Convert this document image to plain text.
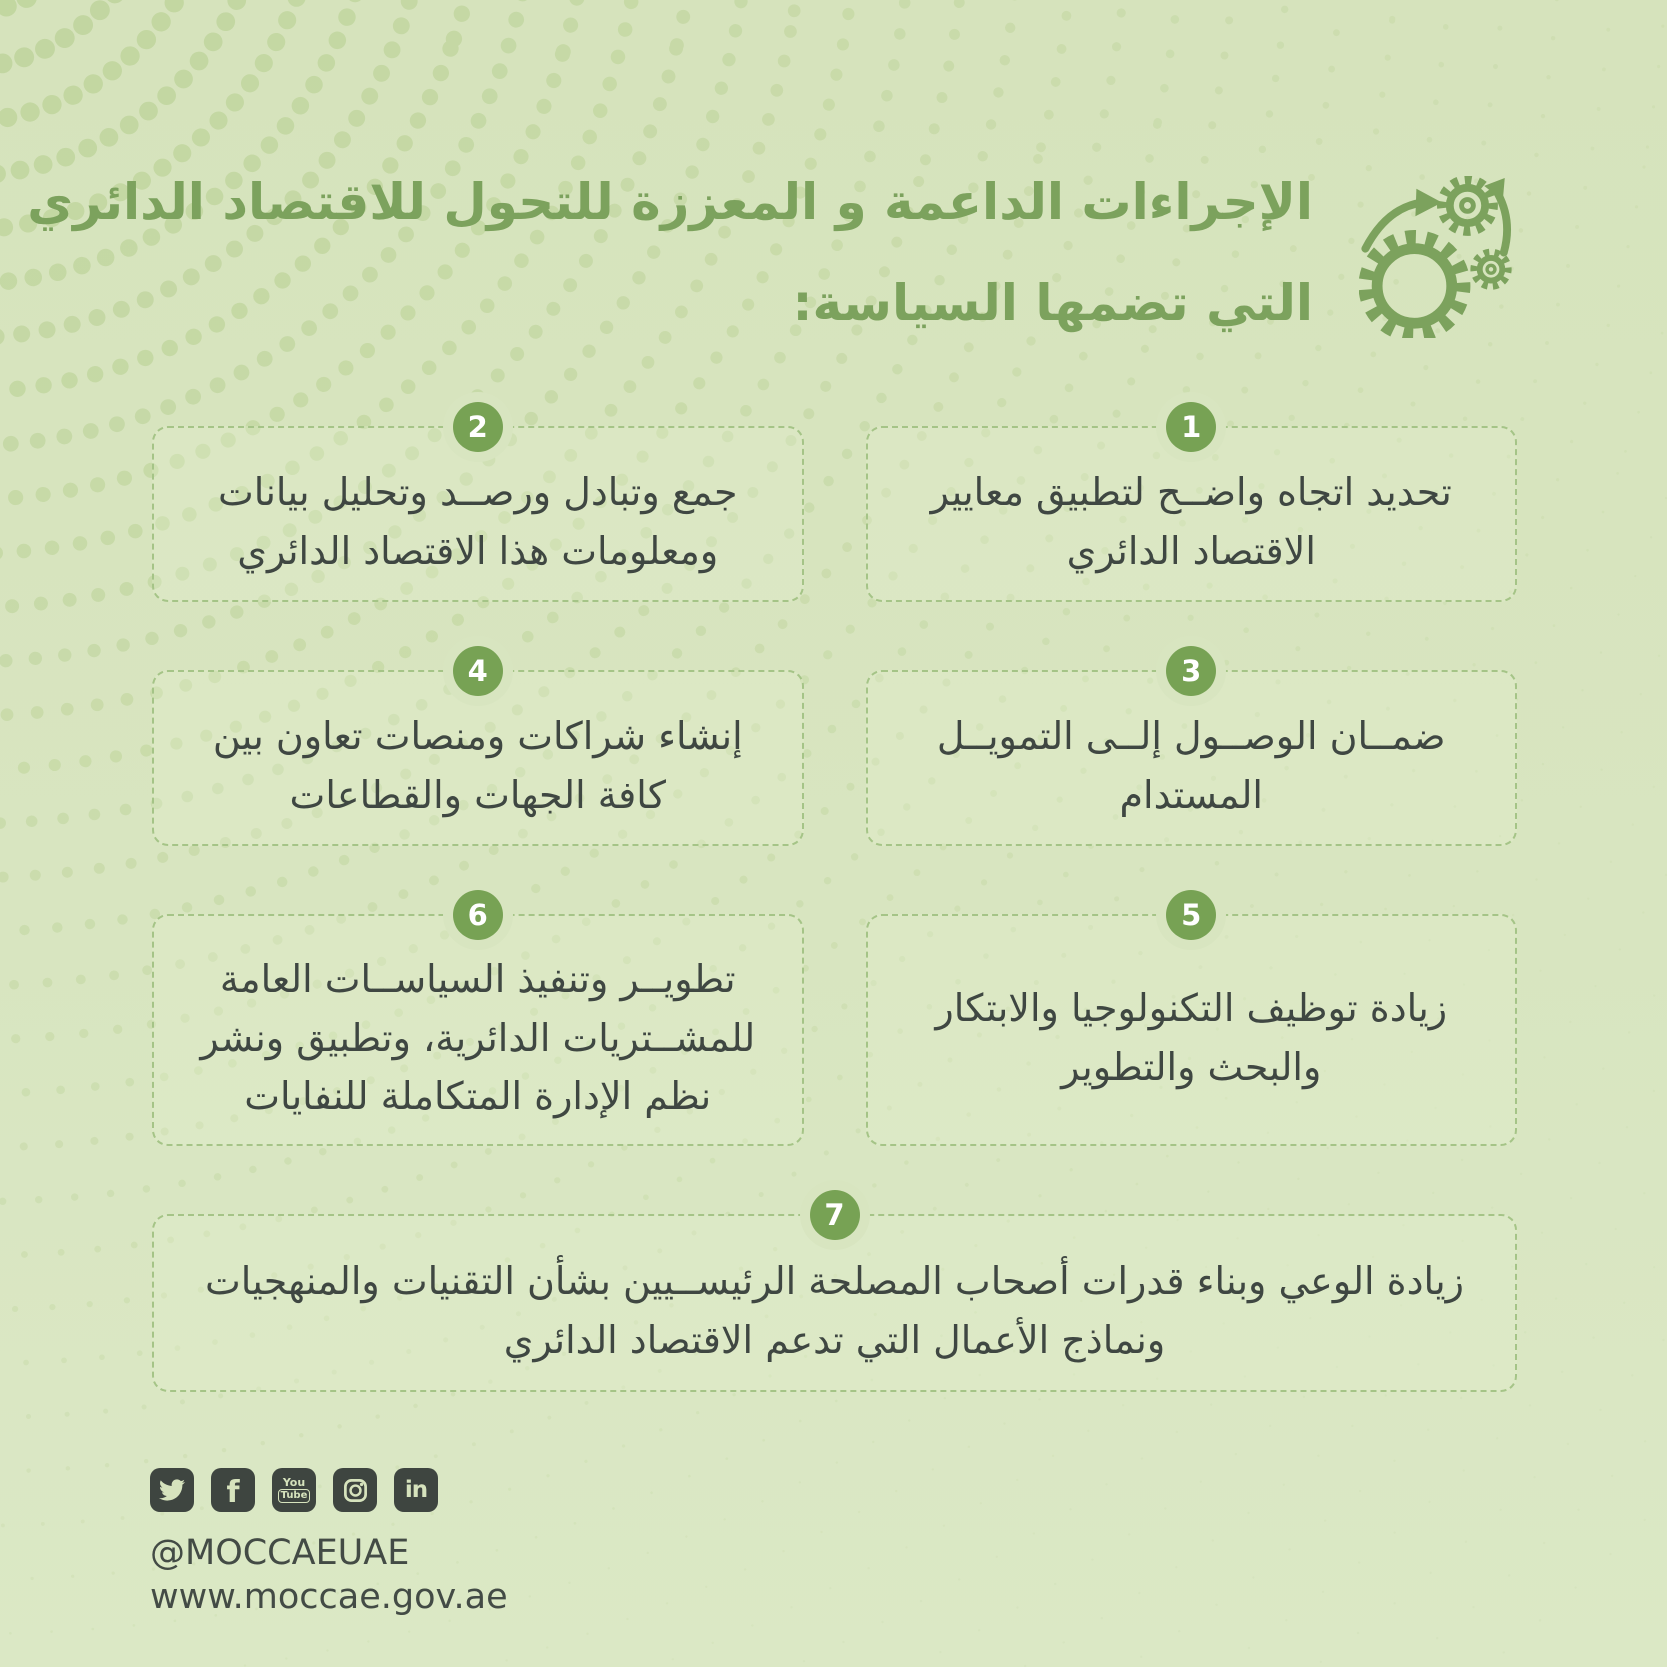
الإجراءات الداعمة و المعززة للتحول للاقتصاد الدائري
التي تضمها السياسة:
1

تحديد اتجاه واضــح لتطبيق معايير الاقتصاد الدائري

2

جمع وتبادل ورصــد وتحليل بيانات ومعلومات هذا الاقتصاد الدائري

3

ضمــان الوصــول إلــى التمويــل المستدام

4

إنشاء شراكات ومنصات تعاون بين كافة الجهات والقطاعات

5

زيادة توظيف التكنولوجيا والابتكار والبحث والتطوير

6

تطويــر وتنفيذ السياســات العامة للمشــتريات الدائرية، وتطبيق ونشر نظم الإدارة المتكاملة للنفايات

7

زيادة الوعي وبناء قدرات أصحاب المصلحة الرئيســيين بشأن التقنيات والمنهجيات ونماذج الأعمال التي تدعم الاقتصاد الدائري

f	You
Tube	in
@MOCCAEUAE
www.moccae.gov.ae
